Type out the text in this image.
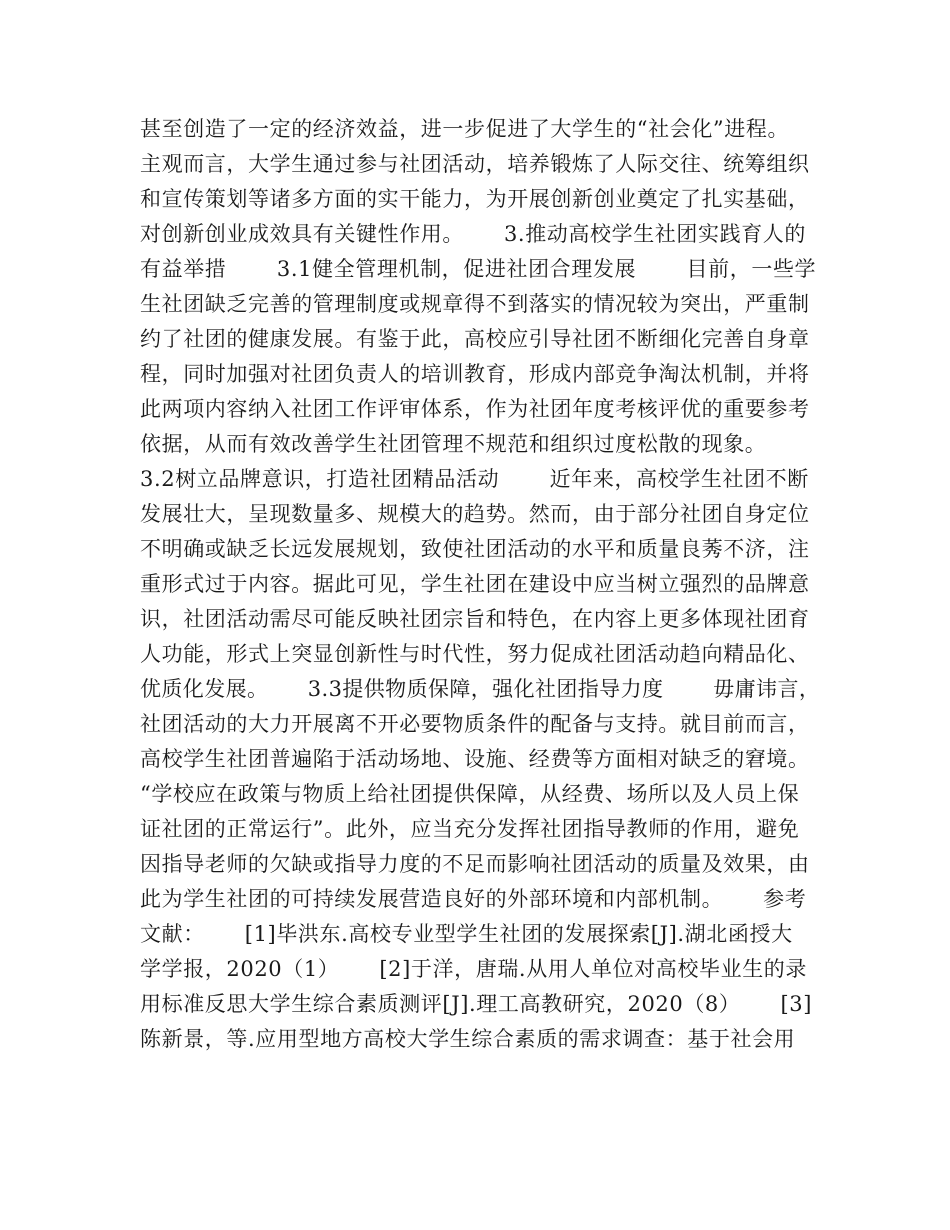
甚至创造了一定的经济效益，进一步促进了大学生的“社会化”进程。
主观而言，大学生通过参与社团活动，培养锻炼了人际交往、统筹组织
和宣传策划等诸多方面的实干能力，为开展创新创业奠定了扎实基础，
对创新创业成效具有关键性作用。　　 3.推动高校学生社团实践育人的
有益举措　　 3.1健全管理机制，促进社团合理发展　　 目前，一些学
生社团缺乏完善的管理制度或规章得不到落实的情况较为突出，严重制
约了社团的健康发展。有鉴于此，高校应引导社团不断细化完善自身章
程，同时加强对社团负责人的培训教育，形成内部竞争淘汰机制，并将
此两项内容纳入社团工作评审体系，作为社团年度考核评优的重要参考
依据，从而有效改善学生社团管理不规范和组织过度松散的现象。
3.2树立品牌意识，打造社团精品活动　　 近年来，高校学生社团不断
发展壮大，呈现数量多、规模大的趋势。然而，由于部分社团自身定位
不明确或缺乏长远发展规划，致使社团活动的水平和质量良莠不济，注
重形式过于内容。据此可见，学生社团在建设中应当树立强烈的品牌意
识，社团活动需尽可能反映社团宗旨和特色，在内容上更多体现社团育
人功能，形式上突显创新性与时代性，努力促成社团活动趋向精品化、
优质化发展。　　 3.3提供物质保障，强化社团指导力度　　 毋庸讳言，
社团活动的大力开展离不开必要物质条件的配备与支持。就目前而言，
高校学生社团普遍陷于活动场地、设施、经费等方面相对缺乏的窘境。
“学校应在政策与物质上给社团提供保障，从经费、场所以及人员上保
证社团的正常运行”。此外，应当充分发挥社团指导教师的作用，避免
因指导老师的欠缺或指导力度的不足而影响社团活动的质量及效果，由
此为学生社团的可持续发展营造良好的外部环境和内部机制。　　 参考
文献：　　 [1]毕洪东.高校专业型学生社团的发展探索[J].湖北函授大
学学报，2020（1）　　 [2]于洋，唐瑞.从用人单位对高校毕业生的录
用标准反思大学生综合素质测评[J].理工高教研究，2020（8）　　 [3]
陈新景，等.应用型地方高校大学生综合素质的需求调查：基于社会用
